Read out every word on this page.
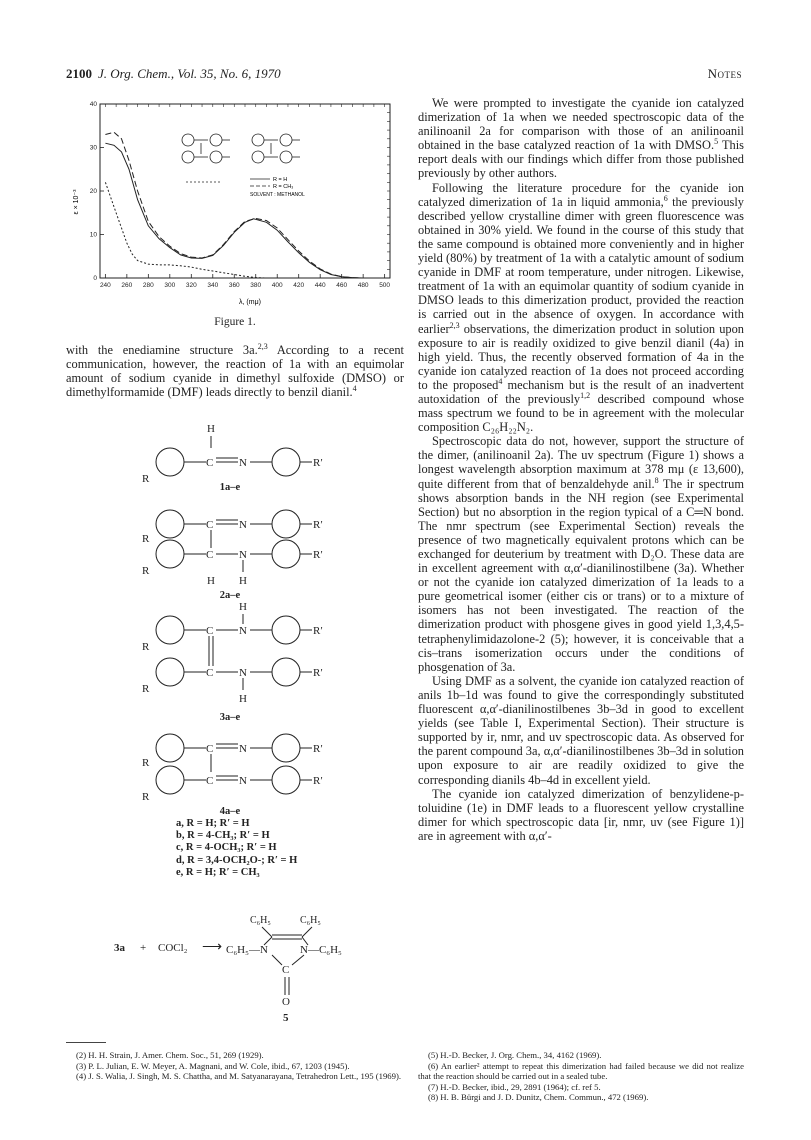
2100 J. Org. Chem., Vol. 35, No. 6, 1970	Notes
240 260 280 300 320 340 360 380 400 420 440 460 480 500
0
10
20
30
40
R = H
R = CH₃
SOLVENT : METHANOL
λ, (mμ)
ε × 10⁻³
Figure 1.

with the enediamine structure 3a.$^{2,3}$ According to a recent communication, however, the reaction of 1a with an equimolar amount of sodium cyanide in dimethyl sulfoxide (DMSO) or dimethylformamide (DMF) leads directly to benzil dianil.$^4$

H
C N
R
R′
C N	R′
R
C N	R′
R
H H
H
C N	R′
R
C N	R′
R
H
C N	R′
R
C N	R′
R
1a–e
2a–e
3a–e
4a–e
a, R = H; R′ = H
b, R = 4-CH₃; R′ = H
c, R = 4-OCH₃; R′ = H
d, R = 3,4-OCH₂O-; R′ = H
e, R = H; R′ = CH₃
3a + COCl₂ ⟶
C₆H₅	C₆H₅
C₆H₅—N	N—C₆H₅
C
O
5

We were prompted to investigate the cyanide ion catalyzed dimerization of 1a when we needed spectroscopic data of the anilinoanil 2a for comparison with those of an anilinoanil obtained in the base catalyzed reaction of 1a with DMSO.$^5$ This report deals with our findings which differ from those published previously by other authors.

Following the literature procedure for the cyanide ion catalyzed dimerization of 1a in liquid ammonia,$^6$ the previously described yellow crystalline dimer with green fluorescence was obtained in 30% yield. We found in the course of this study that the same compound is obtained more conveniently and in higher yield (80%) by treatment of 1a with a catalytic amount of sodium cyanide in DMF at room temperature, under nitrogen. Likewise, treatment of 1a with an equimolar quantity of sodium cyanide in DMSO leads to this dimerization product, provided the reaction is carried out in the absence of oxygen. In accordance with earlier$^{2,3}$ observations, the dimerization product in solution upon exposure to air is readily oxidized to give benzil dianil (4a) in high yield. Thus, the recently observed formation of 4a in the cyanide ion catalyzed reaction of 1a does not proceed according to the proposed$^4$ mechanism but is the result of an inadvertent autoxidation of the previously$^{1,2}$ described compound whose mass spectrum we found to be in agreement with the molecular composition C₂₆H₂₂N₂.

Spectroscopic data do not, however, support the structure of the dimer, (anilinoanil 2a). The uv spectrum (Figure 1) shows a longest wavelength absorption maximum at 378 mμ (ε 13,600), quite different from that of benzaldehyde anil.$^8$ The ir spectrum shows absorption bands in the NH region (see Experimental Section) but no absorption in the region typical of a C═N bond. The nmr spectrum (see Experimental Section) reveals the presence of two magnetically equivalent protons which can be exchanged for deuterium by treatment with D₂O. These data are in excellent agreement with α,α′-dianilinostilbene (3a). Whether or not the cyanide ion catalyzed dimerization of 1a leads to a pure geometrical isomer (either cis or trans) or to a mixture of isomers has not been investigated. The reaction of the dimerization product with phosgene gives in good yield 1,3,4,5-tetraphenylimidazolone-2 (5); however, it is conceivable that a cis–trans isomerization occurs under the conditions of phosgenation of 3a.

Using DMF as a solvent, the cyanide ion catalyzed reaction of anils 1b–1d was found to give the correspondingly substituted fluorescent α,α′-dianilinostilbenes 3b–3d in good to excellent yields (see Table I, Experimental Section). Their structure is supported by ir, nmr, and uv spectroscopic data. As observed for the parent compound 3a, α,α′-dianilinostilbenes 3b–3d in solution upon exposure to air are readily oxidized to give the corresponding dianils 4b–4d in excellent yield.

The cyanide ion catalyzed dimerization of benzylidene-p-toluidine (1e) in DMF leads to a fluorescent yellow crystalline dimer for which spectroscopic data [ir, nmr, uv (see Figure 1)] are in agreement with α,α′-

(2) H. H. Strain, J. Amer. Chem. Soc., 51, 269 (1929).

(3) P. L. Julian, E. W. Meyer, A. Magnani, and W. Cole, ibid., 67, 1203 (1945).

(4) J. S. Walia, J. Singh, M. S. Chattha, and M. Satyanarayana, Tetrahedron Lett., 195 (1969).

(5) H.-D. Becker, J. Org. Chem., 34, 4162 (1969).

(6) An earlier² attempt to repeat this dimerization had failed because we did not realize that the reaction should be carried out in a sealed tube.

(7) H.-D. Becker, ibid., 29, 2891 (1964); cf. ref 5.

(8) H. B. Bürgi and J. D. Dunitz, Chem. Commun., 472 (1969).
